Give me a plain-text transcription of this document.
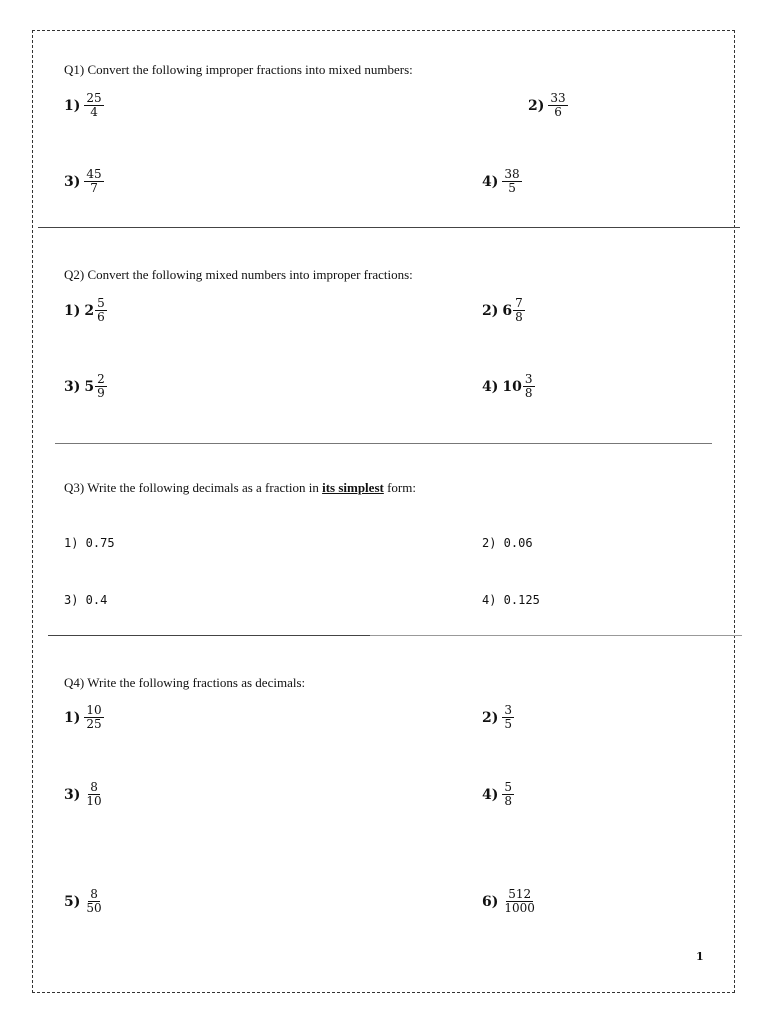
Q1) Convert the following improper fractions into mixed numbers:
$1) \frac{25}{4}$	$2) \frac{33}{6}$
$3) \frac{45}{7}$	$4) \frac{38}{5}$
Q2) Convert the following mixed numbers into improper fractions:
1) $2 \frac{5}{6}$	2) $6 \frac{7}{8}$
3) $5 \frac{2}{9}$	4) $10 \frac{3}{8}$
Q3) Write the following decimals as a fraction in its simplest form:
1) 0.75	2) 0.06
3) 0.4	4) 0.125
Q4) Write the following fractions as decimals:
$1) \frac{10}{25}$	$2) \frac{3}{5}$
$3) \frac{8}{10}$	$4) \frac{5}{8}$
$5) \frac{8}{50}$	$6) \frac{512}{1000}$
1
